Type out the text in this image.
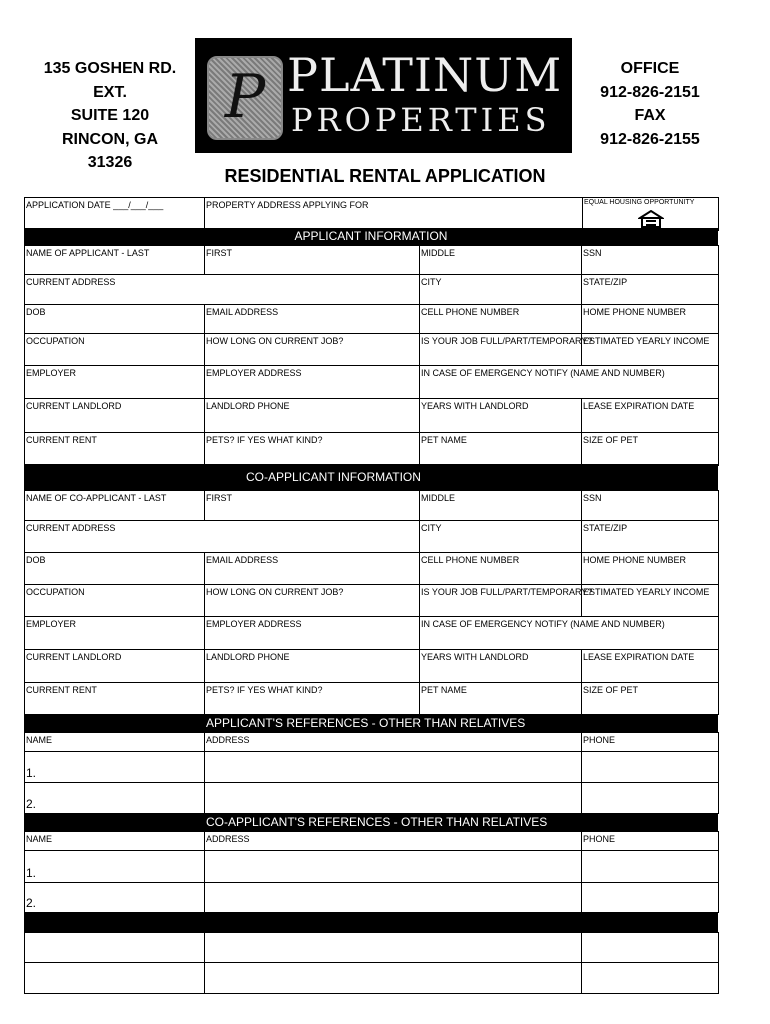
135 GOSHEN RD. EXT.
SUITE 120
RINCON, GA
31326
P PLATINUM
PROPERTIES
OFFICE
912-826-2151
FAX
912-826-2155
RESIDENTIAL RENTAL APPLICATION
APPLICATION DATE ___/___/___	PROPERTY ADDRESS APPLYING FOR	EQUAL HOUSING OPPORTUNITY
APPLICANT INFORMATION
NAME OF APPLICANT - LAST	FIRST	MIDDLE	SSN
CURRENT ADDRESS		CITY	STATE/ZIP
DOB	EMAIL ADDRESS	CELL PHONE NUMBER	HOME PHONE NUMBER
OCCUPATION	HOW LONG ON CURRENT JOB?	IS YOUR JOB FULL/PART/TEMPORARY?	ESTIMATED YEARLY INCOME
EMPLOYER	EMPLOYER ADDRESS	IN CASE OF EMERGENCY NOTIFY (NAME AND NUMBER)	
CURRENT LANDLORD	LANDLORD PHONE	YEARS WITH LANDLORD	LEASE EXPIRATION DATE
CURRENT RENT	PETS? IF YES WHAT KIND?	PET NAME	SIZE OF PET
CO-APPLICANT INFORMATION
NAME OF CO-APPLICANT - LAST	FIRST	MIDDLE	SSN
CURRENT ADDRESS		CITY	STATE/ZIP
DOB	EMAIL ADDRESS	CELL PHONE NUMBER	HOME PHONE NUMBER
OCCUPATION	HOW LONG ON CURRENT JOB?	IS YOUR JOB FULL/PART/TEMPORARY?	ESTIMATED YEARLY INCOME
EMPLOYER	EMPLOYER ADDRESS	IN CASE OF EMERGENCY NOTIFY (NAME AND NUMBER)	
CURRENT LANDLORD	LANDLORD PHONE	YEARS WITH LANDLORD	LEASE EXPIRATION DATE
CURRENT RENT	PETS? IF YES WHAT KIND?	PET NAME	SIZE OF PET
APPLICANT'S REFERENCES - OTHER THAN RELATIVES
NAME	ADDRESS	PHONE
1.		
2.		
CO-APPLICANT'S REFERENCES - OTHER THAN RELATIVES
NAME	ADDRESS	PHONE
1.		
2.		

LIST   ALL APPLICANTS TO RESIDE IN HOUSE WITH NAMES AND AGES
